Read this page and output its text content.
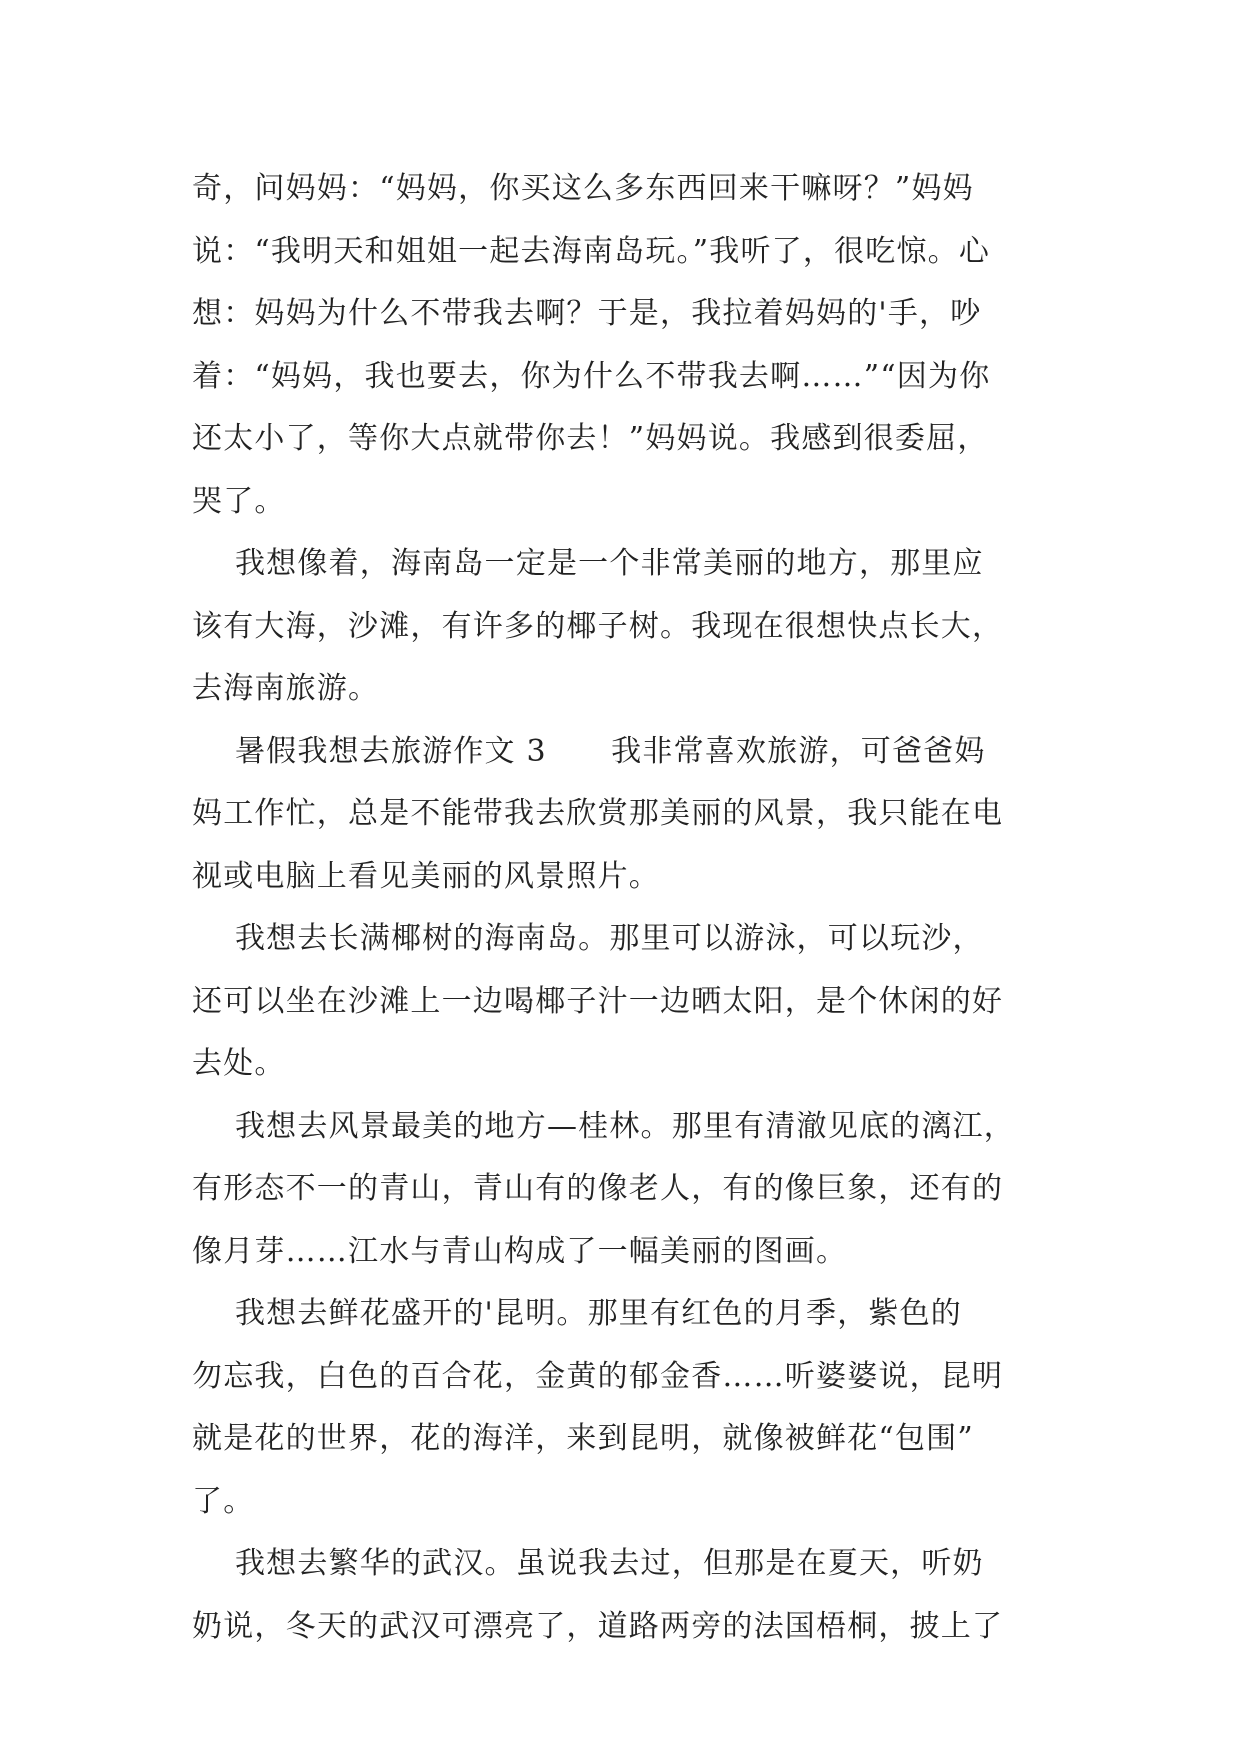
奇，问妈妈：“妈妈，你买这么多东西回来干嘛呀？”妈妈
说：“我明天和姐姐一起去海南岛玩。”我听了，很吃惊。心
想：妈妈为什么不带我去啊？于是，我拉着妈妈的'手，吵
着：“妈妈，我也要去，你为什么不带我去啊……”“因为你
还太小了，等你大点就带你去！”妈妈说。我感到很委屈，
哭了。
我想像着，海南岛一定是一个非常美丽的地方，那里应
该有大海，沙滩，有许多的椰子树。我现在很想快点长大，
去海南旅游。
暑假我想去旅游作文 3      我非常喜欢旅游，可爸爸妈
妈工作忙，总是不能带我去欣赏那美丽的风景，我只能在电
视或电脑上看见美丽的风景照片。
我想去长满椰树的海南岛。那里可以游泳，可以玩沙，
还可以坐在沙滩上一边喝椰子汁一边晒太阳，是个休闲的好
去处。
我想去风景最美的地方—桂林。那里有清澈见底的漓江，
有形态不一的青山，青山有的像老人，有的像巨象，还有的
像月芽……江水与青山构成了一幅美丽的图画。
我想去鲜花盛开的'昆明。那里有红色的月季，紫色的
勿忘我，白色的百合花，金黄的郁金香……听婆婆说，昆明
就是花的世界，花的海洋，来到昆明，就像被鲜花“包围”
了。
我想去繁华的武汉。虽说我去过，但那是在夏天，听奶
奶说，冬天的武汉可漂亮了，道路两旁的法国梧桐，披上了
